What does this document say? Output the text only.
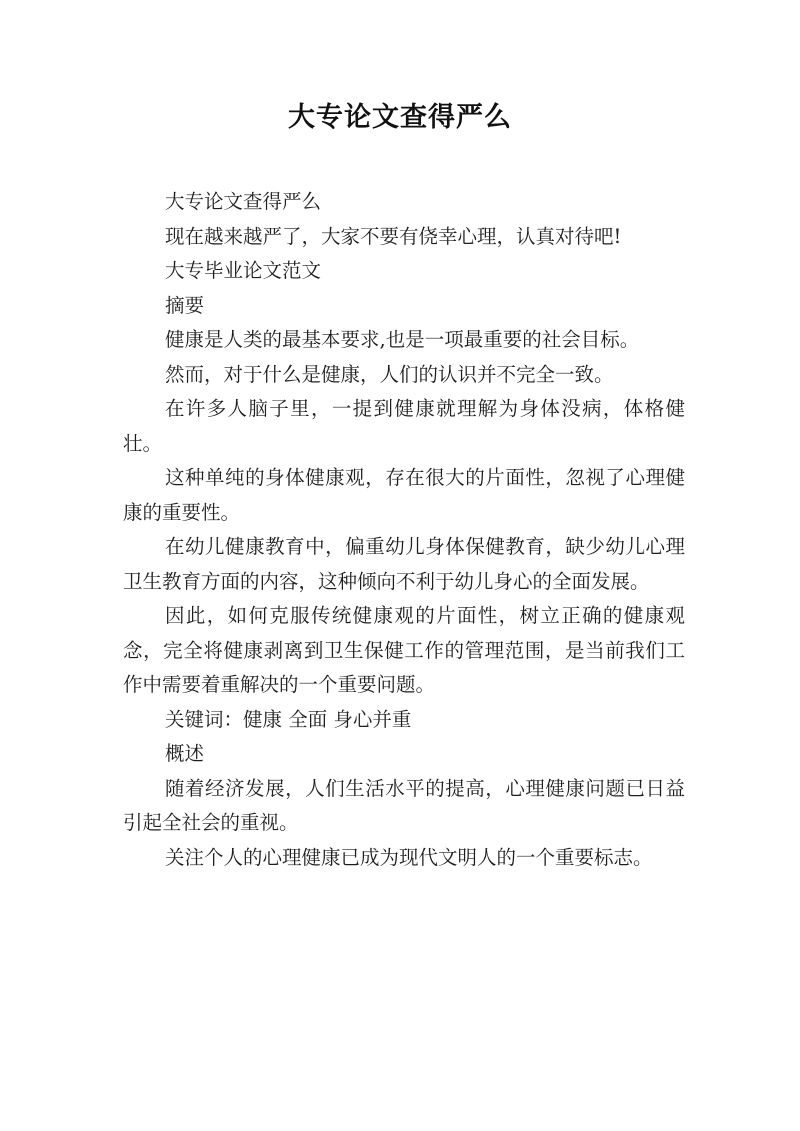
大专论文查得严么

大专论文查得严么

现在越来越严了，大家不要有侥幸心理，认真对待吧!

大专毕业论文范文

摘要

健康是人类的最基本要求,也是一项最重要的社会目标。

然而，对于什么是健康，人们的认识并不完全一致。

在许多人脑子里，一提到健康就理解为身体没病，体格健壮。

这种单纯的身体健康观，存在很大的片面性，忽视了心理健康的重要性。

在幼儿健康教育中，偏重幼儿身体保健教育，缺少幼儿心理卫生教育方面的内容，这种倾向不利于幼儿身心的全面发展。

因此，如何克服传统健康观的片面性，树立正确的健康观念，完全将健康剥离到卫生保健工作的管理范围，是当前我们工作中需要着重解决的一个重要问题。

关键词：健康 全面 身心并重

概述

随着经济发展，人们生活水平的提高，心理健康问题已日益引起全社会的重视。

关注个人的心理健康已成为现代文明人的一个重要标志。
